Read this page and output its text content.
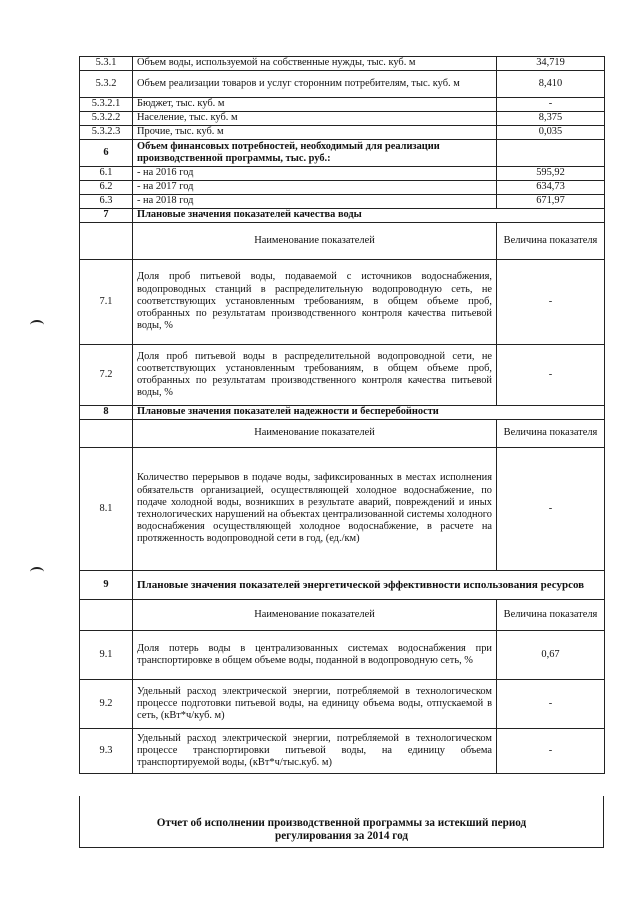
5.3.1	Объем воды, используемой на собственные нужды, тыс. куб. м	34,719
5.3.2	Объем реализации товаров и услуг сторонним потребителям, тыс. куб. м	8,410
5.3.2.1	Бюджет, тыс. куб. м	-
5.3.2.2	Население, тыс. куб. м	8,375
5.3.2.3	Прочие, тыс. куб. м	0,035
6	Объем финансовых потребностей, необходимый для реализации производственной программы, тыс. руб.:	
6.1	- на 2016 год	595,92
6.2	- на 2017 год	634,73
6.3	- на 2018 год	671,97
7	Плановые значения показателей качества воды	
	Наименование показателей	Величина показателя
7.1	Доля проб питьевой воды, подаваемой с источников водоснабжения, водопроводных станций в распределительную водопроводную сеть, не соответствующих установленным требованиям, в общем объеме проб, отобранных по результатам производственного контроля качества питьевой воды, %	-
7.2	Доля проб питьевой воды в распределительной водопроводной сети, не соответствующих установленным требованиям, в общем объеме проб, отобранных по результатам производственного контроля качества питьевой воды, %	-
8	Плановые значения показателей надежности и бесперебойности	
	Наименование показателей	Величина показателя
8.1	Количество перерывов в подаче воды, зафиксированных в местах исполнения обязательств организацией, осуществляющей холодное водоснабжение, по подаче холодной воды, возникших в результате аварий, повреждений и иных технологических нарушений на объектах централизованной системы холодного водоснабжения осуществляющей холодное водоснабжение, в расчете на протяженность водопроводной сети в год, (ед./км)	-
9	Плановые значения показателей энергетической эффективности использования ресурсов	
	Наименование показателей	Величина показателя
9.1	Доля потерь воды в централизованных системах водоснабжения при транспортировке в общем объеме воды, поданной в водопроводную сеть, %	0,67
9.2	Удельный расход электрической энергии, потребляемой в технологическом процессе подготовки питьевой воды, на единицу объема воды, отпускаемой в сеть, (кВт*ч/куб. м)	-
9.3	Удельный расход электрической энергии, потребляемой в технологическом процессе транспортировки питьевой воды, на единицу объема транспортируемой воды, (кВт*ч/тыс.куб. м)	-
Отчет об исполнении производственной программы за истекший период регулирования за 2014 год
